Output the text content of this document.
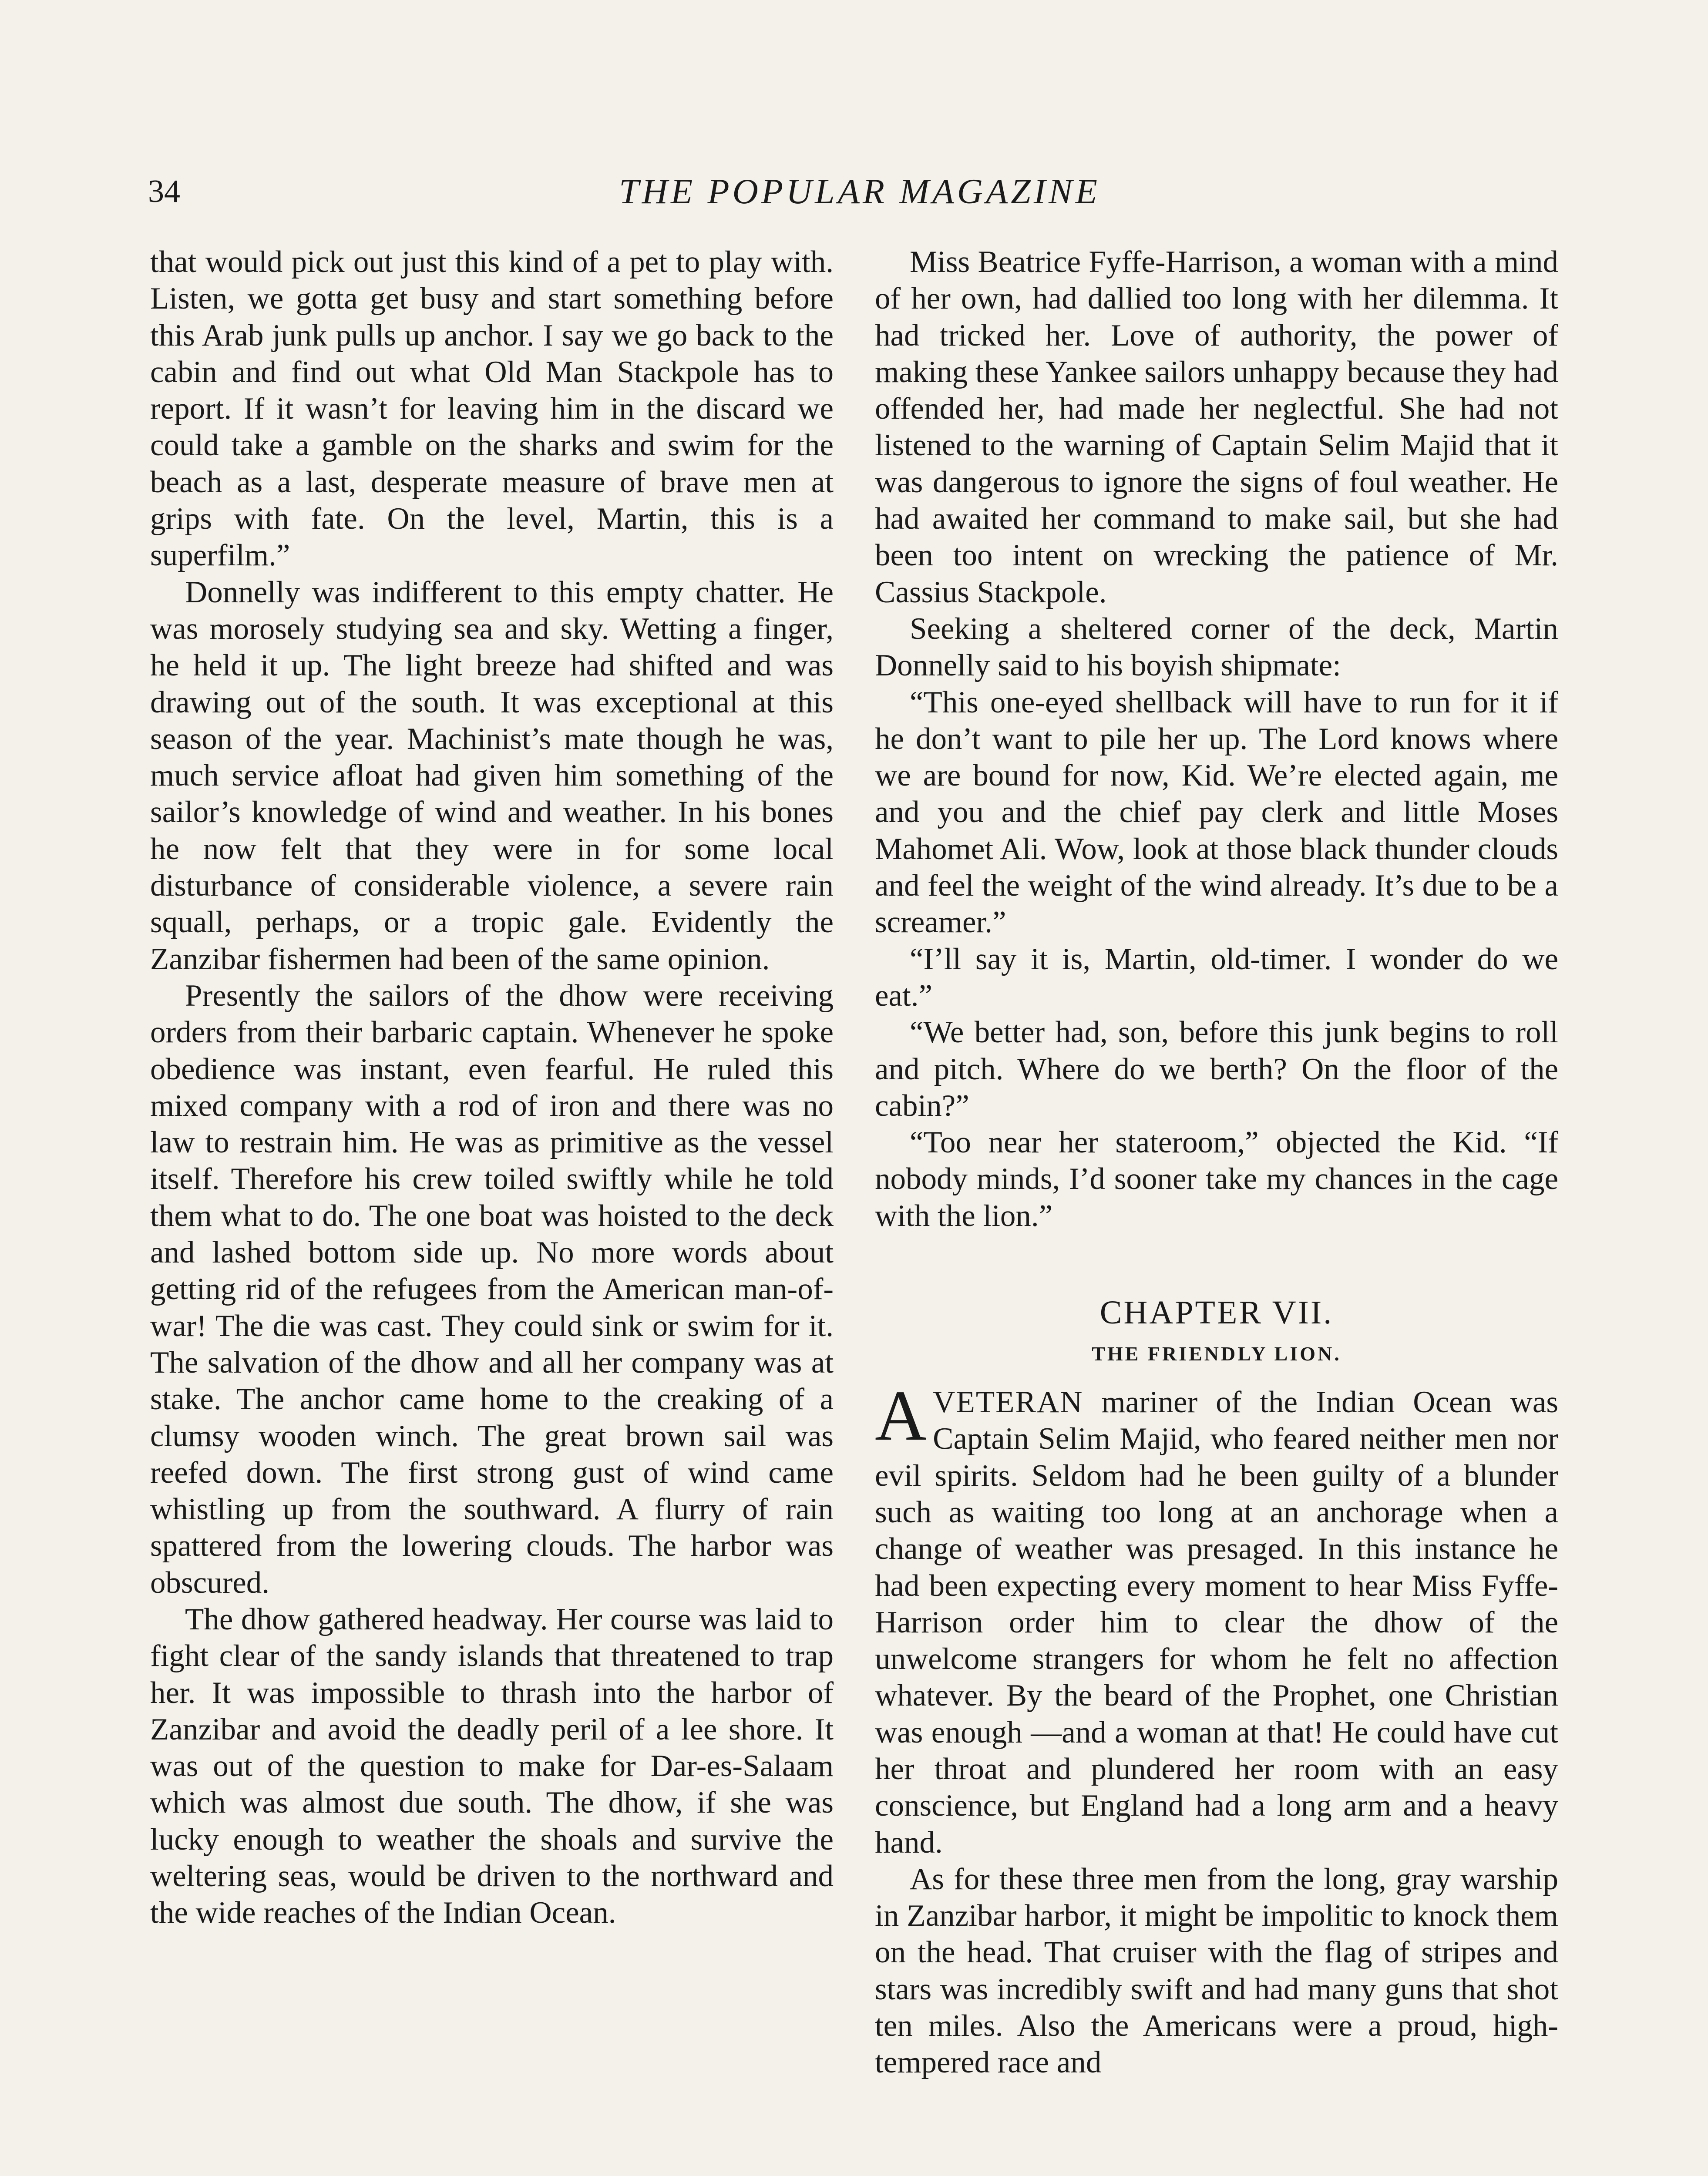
34	THE POPULAR MAGAZINE

that would pick out just this kind of a pet to play with. Listen, we gotta get busy and start something before this Arab junk pulls up anchor. I say we go back to the cabin and find out what Old Man Stackpole has to report. If it wasn’t for leaving him in the discard we could take a gamble on the sharks and swim for the beach as a last, desperate measure of brave men at grips with fate. On the level, Martin, this is a superfilm.”

Donnelly was indifferent to this empty chatter. He was morosely studying sea and sky. Wetting a finger, he held it up. The light breeze had shifted and was drawing out of the south. It was exceptional at this season of the year. Machinist’s mate though he was, much service afloat had given him something of the sailor’s knowledge of wind and weather. In his bones he now felt that they were in for some local disturbance of considerable violence, a severe rain squall, perhaps, or a tropic gale. Evidently the Zanzibar fishermen had been of the same opinion.

Presently the sailors of the dhow were receiving orders from their barbaric captain. Whenever he spoke obedience was instant, even fearful. He ruled this mixed company with a rod of iron and there was no law to restrain him. He was as primitive as the vessel itself. Therefore his crew toiled swiftly while he told them what to do. The one boat was hoisted to the deck and lashed bottom side up. No more words about getting rid of the refugees from the American man-of-war! The die was cast. They could sink or swim for it. The salvation of the dhow and all her company was at stake. The anchor came home to the creaking of a clumsy wooden winch. The great brown sail was reefed down. The first strong gust of wind came whistling up from the southward. A flurry of rain spattered from the lowering clouds. The harbor was obscured.

The dhow gathered headway. Her course was laid to fight clear of the sandy islands that threatened to trap her. It was impossible to thrash into the harbor of Zanzibar and avoid the deadly peril of a lee shore. It was out of the question to make for Dar-es-Salaam which was almost due south. The dhow, if she was lucky enough to weather the shoals and survive the weltering seas, would be driven to the northward and the wide reaches of the Indian Ocean.

Miss Beatrice Fyffe-Harrison, a woman with a mind of her own, had dallied too long with her dilemma. It had tricked her. Love of authority, the power of making these Yankee sailors unhappy because they had offended her, had made her neglectful. She had not listened to the warning of Captain Selim Majid that it was dangerous to ignore the signs of foul weather. He had awaited her command to make sail, but she had been too intent on wrecking the patience of Mr. Cassius Stackpole.

Seeking a sheltered corner of the deck, Martin Donnelly said to his boyish shipmate:

“This one-eyed shellback will have to run for it if he don’t want to pile her up. The Lord knows where we are bound for now, Kid. We’re elected again, me and you and the chief pay clerk and little Moses Mahomet Ali. Wow, look at those black thunder clouds and feel the weight of the wind already. It’s due to be a screamer.”

“I’ll say it is, Martin, old-timer. I wonder do we eat.”

“We better had, son, before this junk begins to roll and pitch. Where do we berth? On the floor of the cabin?”

“Too near her stateroom,” objected the Kid. “If nobody minds, I’d sooner take my chances in the cage with the lion.”

CHAPTER VII.
THE FRIENDLY LION.

AVETERAN mariner of the Indian Ocean was Captain Selim Majid, who feared neither men nor evil spirits. Seldom had he been guilty of a blunder such as waiting too long at an anchorage when a change of weather was presaged. In this instance he had been expecting every moment to hear Miss Fyffe-Harrison order him to clear the dhow of the unwelcome strangers for whom he felt no affection whatever. By the beard of the Prophet, one Christian was enough —and a woman at that! He could have cut her throat and plundered her room with an easy conscience, but England had a long arm and a heavy hand.

As for these three men from the long, gray warship in Zanzibar harbor, it might be impolitic to knock them on the head. That cruiser with the flag of stripes and stars was incredibly swift and had many guns that shot ten miles. Also the Americans were a proud, high-tempered race and
